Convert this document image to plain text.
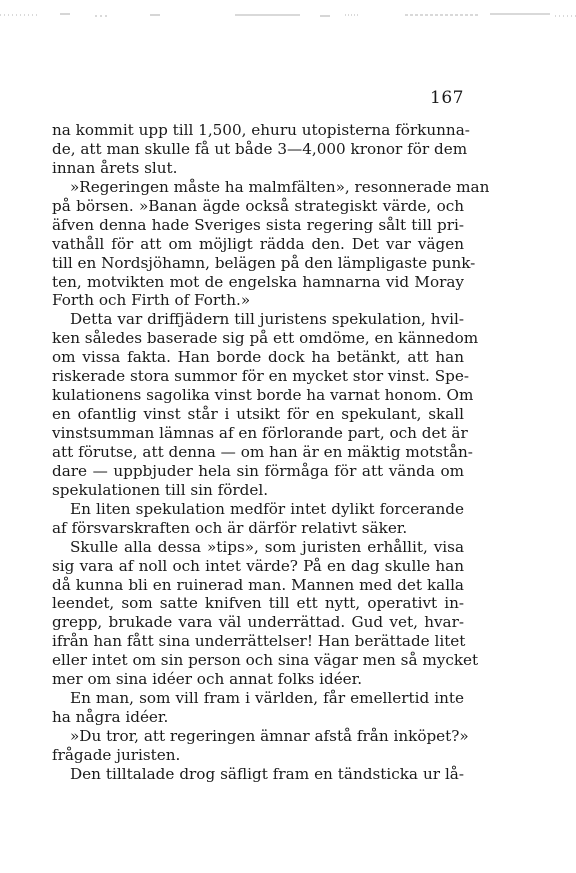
167
na kommit upp till 1,500, ehuru utopisterna förkunna-
de, att man skulle få ut både 3—4,000 kronor för dem
innan årets slut.
»Regeringen måste ha malmfälten», resonnerade man
på börsen. »Banan ägde också strategiskt värde, och
äfven denna hade Sveriges sista regering sålt till pri-
vathåll för att om möjligt rädda den. Det var vägen
till en Nordsjöhamn, belägen på den lämpligaste punk-
ten, motvikten mot de engelska hamnarna vid Moray
Forth och Firth of Forth.»
Detta var driffjädern till juristens spekulation, hvil-
ken således baserade sig på ett omdöme, en kännedom
om vissa fakta. Han borde dock ha betänkt, att han
riskerade stora summor för en mycket stor vinst. Spe-
kulationens sagolika vinst borde ha varnat honom. Om
en ofantlig vinst står i utsikt för en spekulant, skall
vinstsumman lämnas af en förlorande part, och det är
att förutse, att denna — om han är en mäktig motstån-
dare — uppbjuder hela sin förmåga för att vända om
spekulationen till sin fördel.
En liten spekulation medför intet dylikt forcerande
af försvarskraften och är därför relativt säker.
Skulle alla dessa »tips», som juristen erhållit, visa
sig vara af noll och intet värde? På en dag skulle han
då kunna bli en ruinerad man. Mannen med det kalla
leendet, som satte knifven till ett nytt, operativt in-
grepp, brukade vara väl underrättad. Gud vet, hvar-
ifrån han fått sina underrättelser! Han berättade litet
eller intet om sin person och sina vägar men så mycket
mer om sina idéer och annat folks idéer.
En man, som vill fram i världen, får emellertid inte
ha några idéer.
»Du tror, att regeringen ämnar afstå från inköpet?»
frågade juristen.
Den tilltalade drog säfligt fram en tändsticka ur lå-
